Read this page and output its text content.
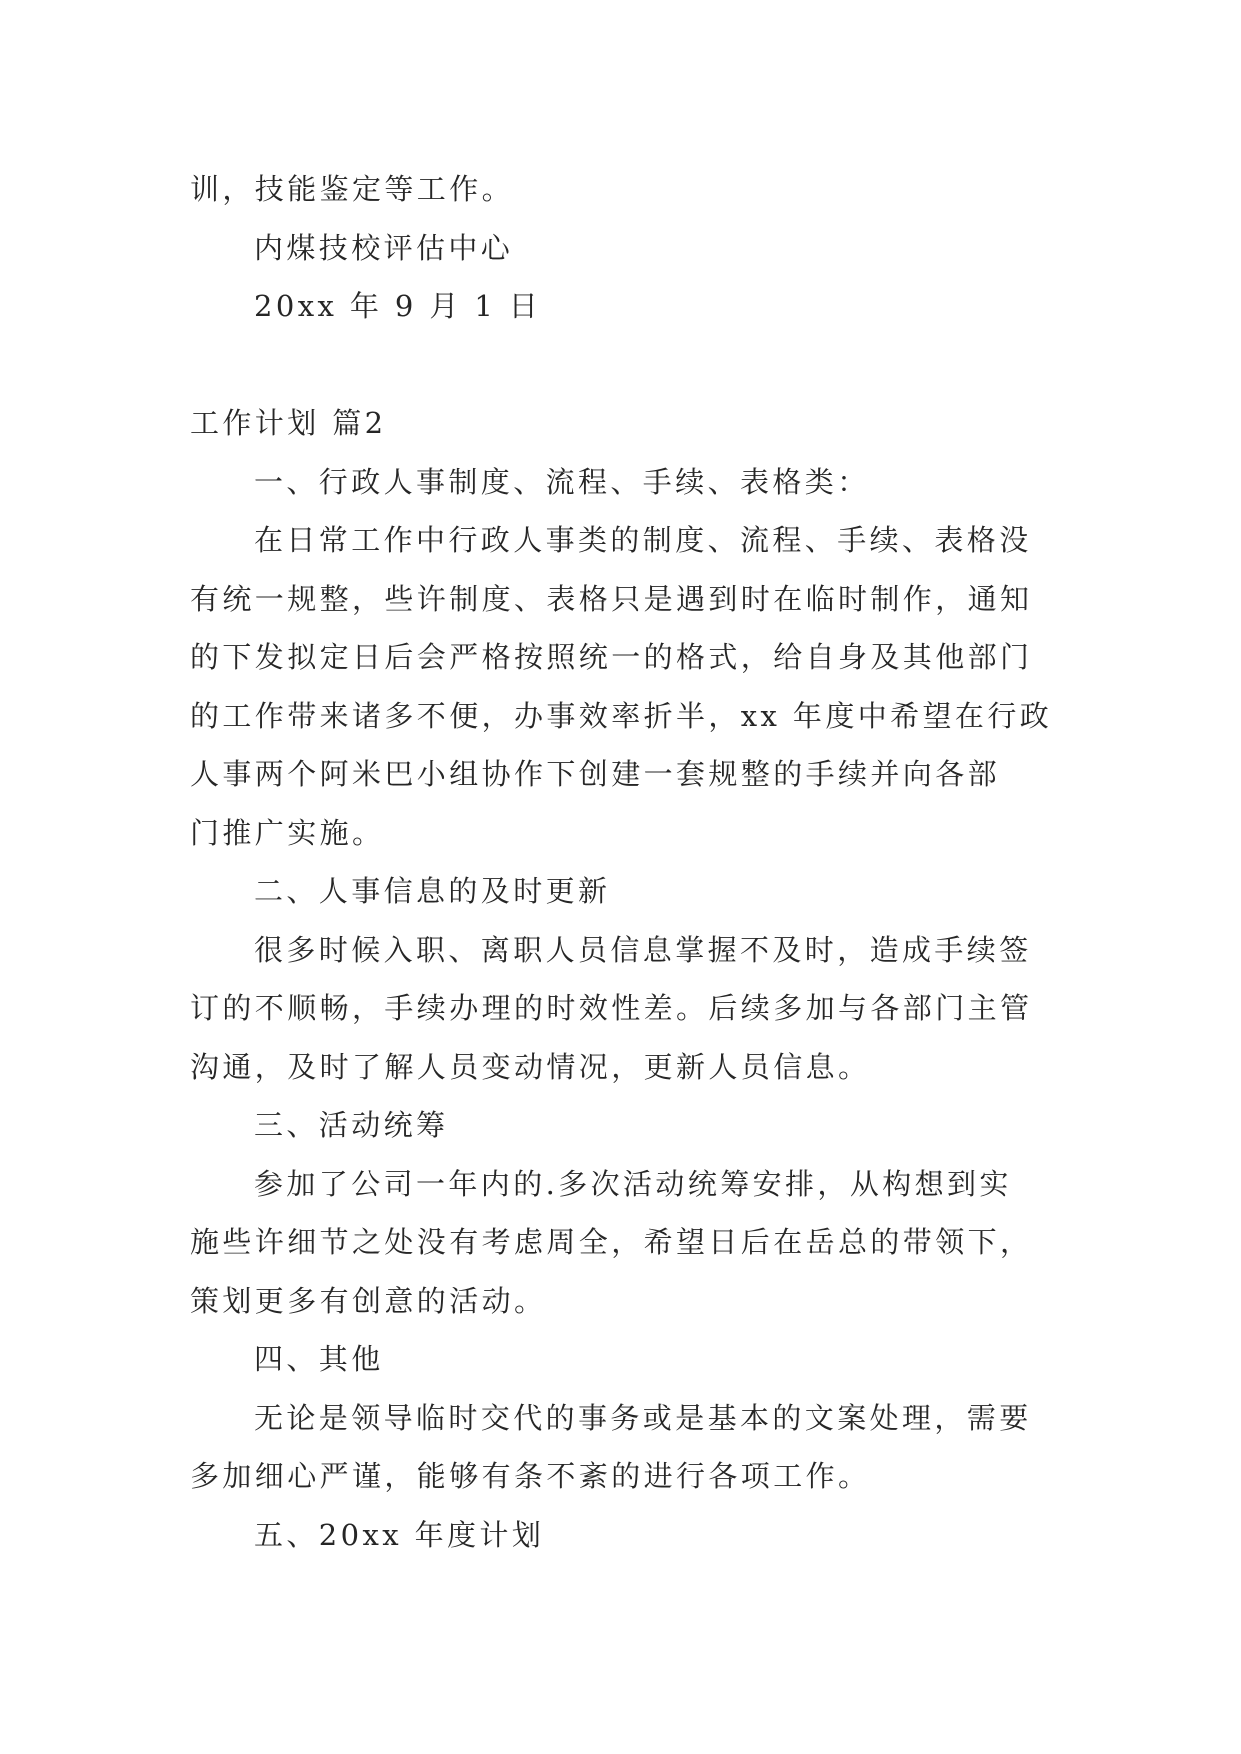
训，技能鉴定等工作。
内煤技校评估中心
20xx 年 9 月 1 日
工作计划 篇2
一、行政人事制度、流程、手续、表格类：
在日常工作中行政人事类的制度、流程、手续、表格没
有统一规整，些许制度、表格只是遇到时在临时制作，通知
的下发拟定日后会严格按照统一的格式，给自身及其他部门
的工作带来诸多不便，办事效率折半，xx 年度中希望在行政
人事两个阿米巴小组协作下创建一套规整的手续并向各部
门推广实施。
二、人事信息的及时更新
很多时候入职、离职人员信息掌握不及时，造成手续签
订的不顺畅，手续办理的时效性差。后续多加与各部门主管
沟通，及时了解人员变动情况，更新人员信息。
三、活动统筹
参加了公司一年内的.多次活动统筹安排，从构想到实
施些许细节之处没有考虑周全，希望日后在岳总的带领下，
策划更多有创意的活动。
四、其他
无论是领导临时交代的事务或是基本的文案处理，需要
多加细心严谨，能够有条不紊的进行各项工作。
五、20xx 年度计划
